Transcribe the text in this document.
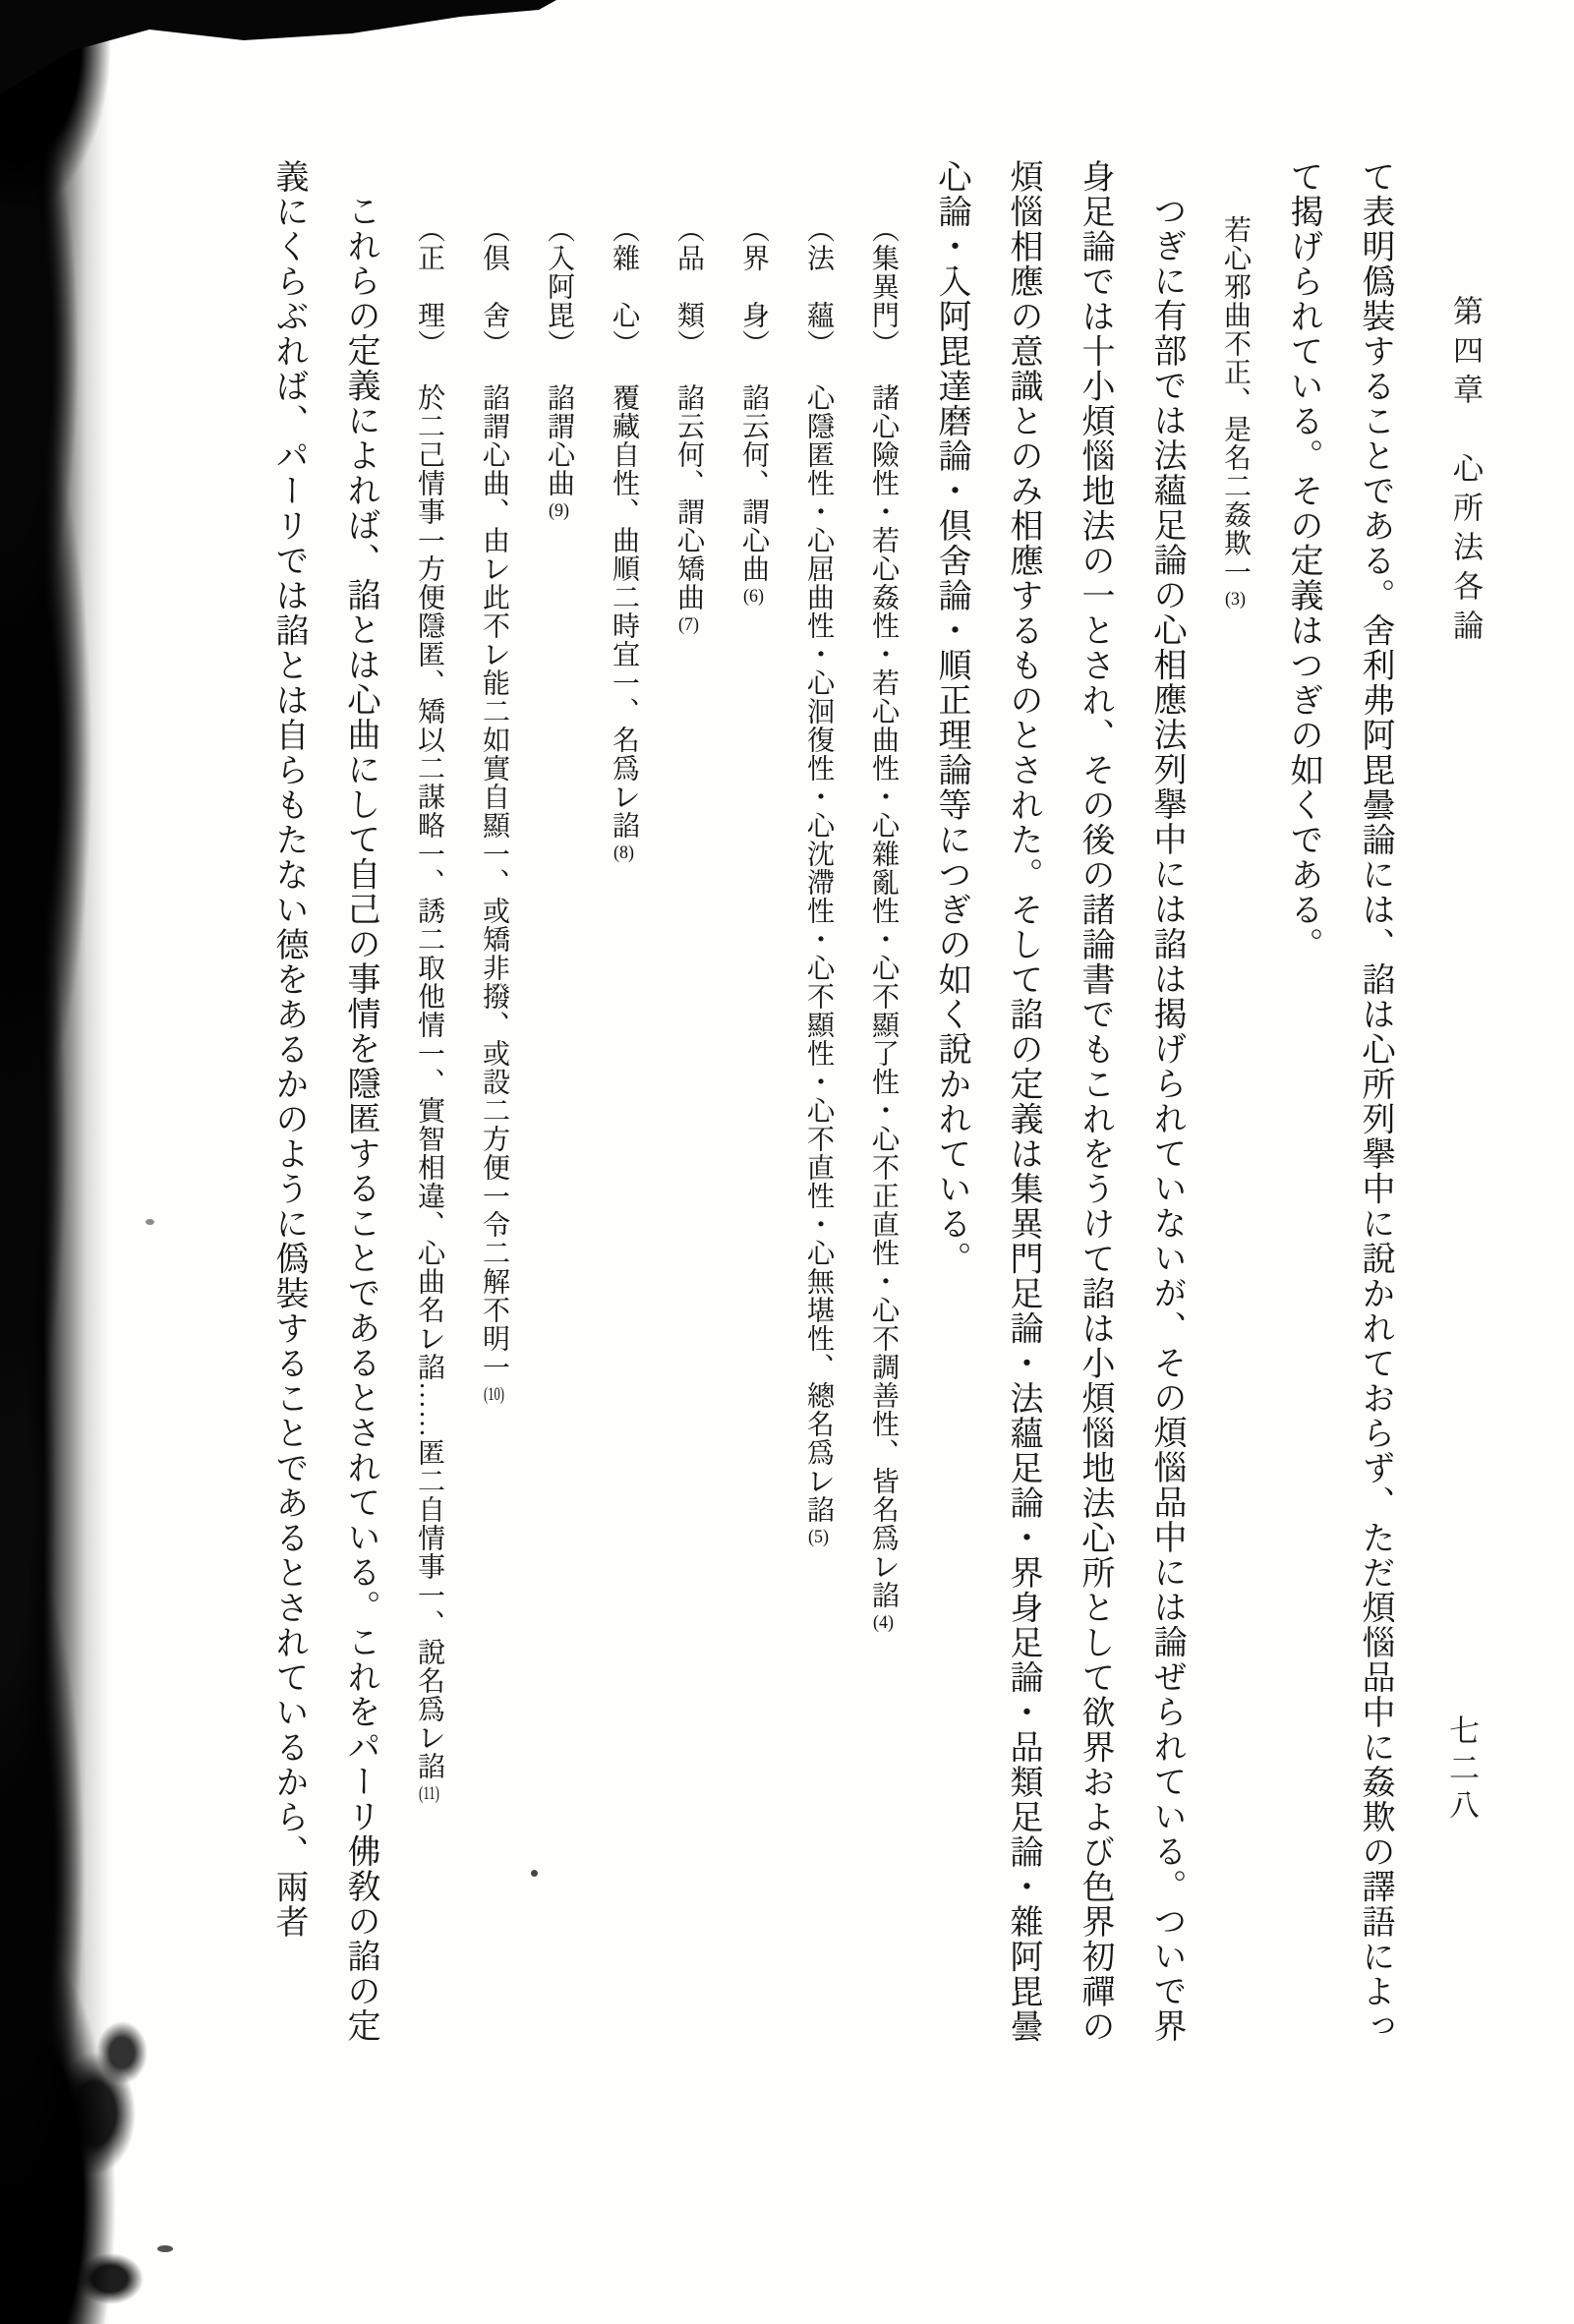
第四章　心所法各論
七二八

て表明僞裝することである。舍利弗阿毘曇論には、諂は心所列擧中に說かれておらず、ただ煩惱品中に姦欺の譯語によって揭げられている。その定義はつぎの如くである。

若心邪曲不正、是名㆓姦欺㆒(3)

つぎに有部では法蘊足論の心相應法列擧中には諂は揭げられていないが、その煩惱品中には論ぜられている。ついで界身足論では十小煩惱地法の一とされ、その後の諸論書でもこれをうけて諂は小煩惱地法心所として欲界および色界初禪の煩惱相應の意識とのみ相應するものとされた。そして諂の定義は集異門足論・法蘊足論・界身足論・品類足論・雜阿毘曇心論・入阿毘達磨論・倶舍論・順正理論等につぎの如く說かれている。

（集異門）諸心險性・若心姦性・若心曲性・心雜亂性・心不顯了性・心不正直性・心不調善性、皆名爲㆑諂(4)

（法　蘊）心隱匿性・心屈曲性・心洄復性・心沈滯性・心不顯性・心不直性・心無堪性、總名爲㆑諂(5)

（界　身）諂云何、謂心曲(6)

（品　類）諂云何、謂心矯曲(7)

（雜　心）覆藏自性、曲順㆓時宜㆒、名爲㆑諂(8)

（入阿毘）諂謂心曲(9)

（倶　舍）諂謂心曲、由㆑此不㆑能㆓如實自顯㆒、或矯非撥、或設㆓方便㆒令㆓解不明㆒(10)

（正　理）於㆓己情事㆒方便隱匿、矯以㆓謀略㆒、誘㆓取他情㆒、實智相違、心曲名㆑諂……匿㆓自情事㆒、說名爲㆑諂(11)

これらの定義によれば、諂とは心曲にして自己の事情を隱匿することであるとされている。これをパーリ佛敎の諂の定義にくらぶれば、パーリでは諂とは自らもたない德をあるかのように僞裝することであるとされているから、兩者
